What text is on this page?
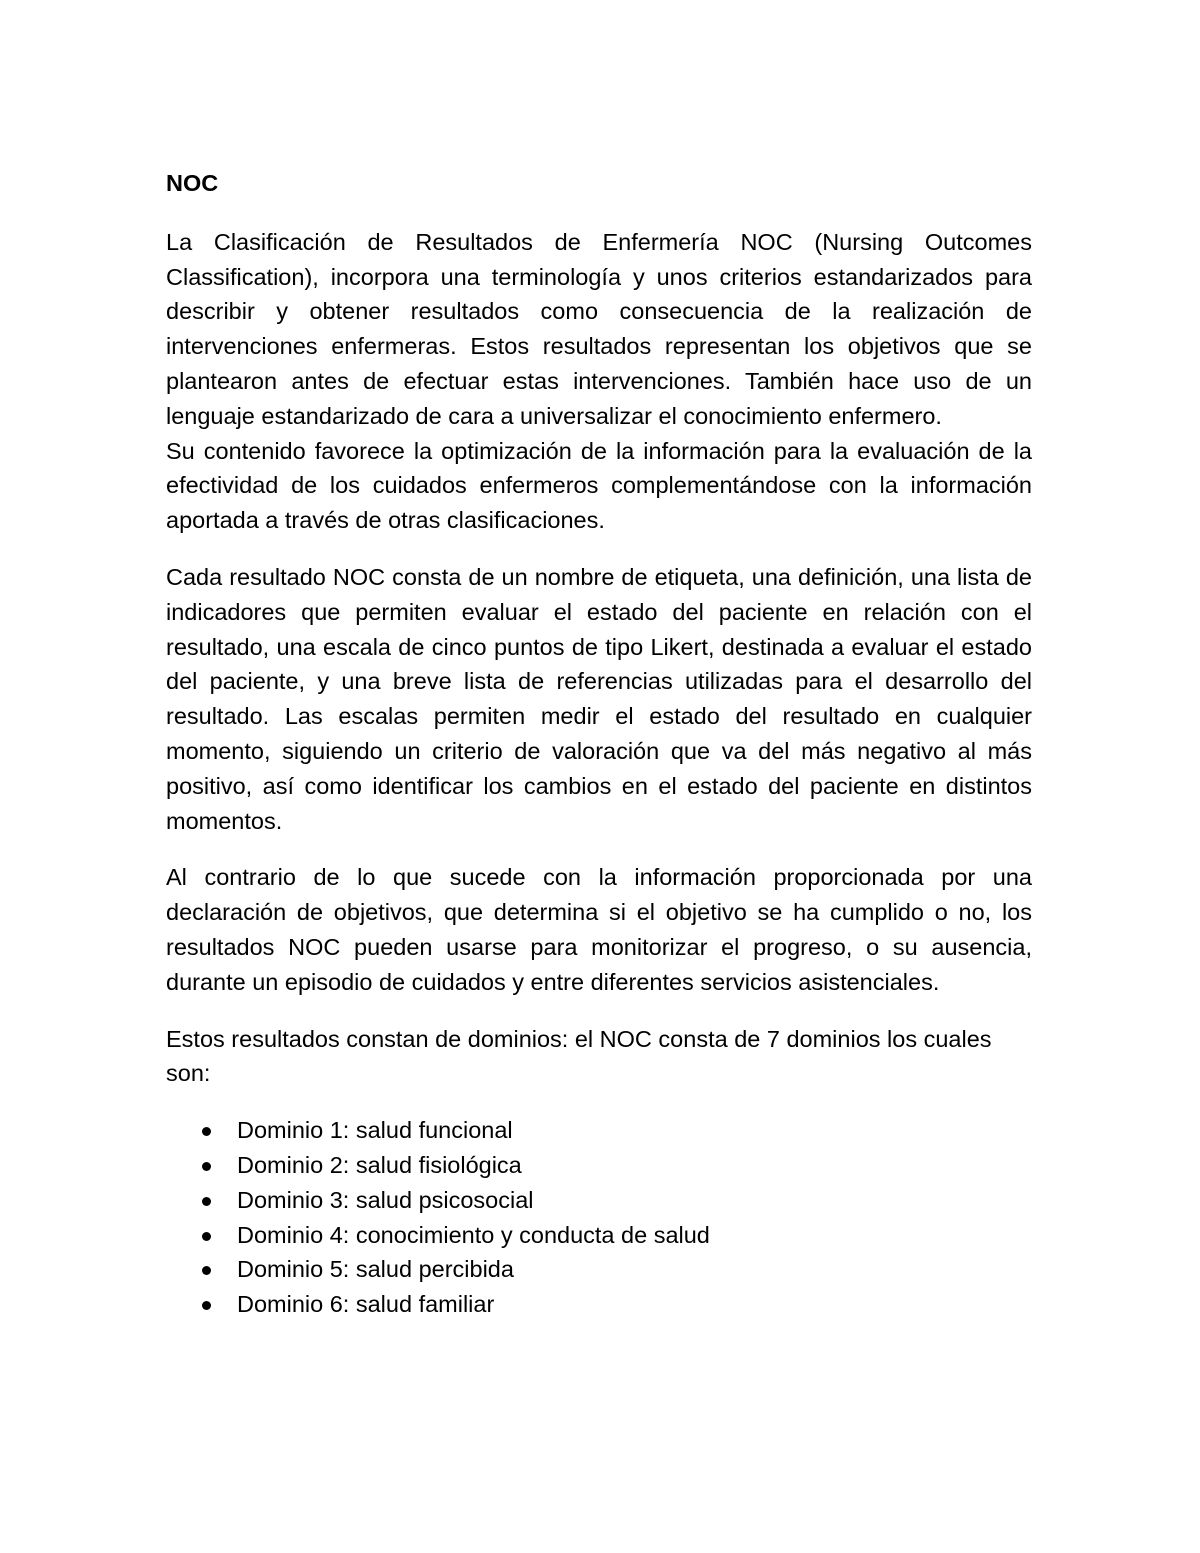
NOC

La Clasificación de Resultados de Enfermería NOC (Nursing Outcomes Classification), incorpora una terminología y unos criterios estandarizados para describir y obtener resultados como consecuencia de la realización de intervenciones enfermeras. Estos resultados representan los objetivos que se plantearon antes de efectuar estas intervenciones. También hace uso de un lenguaje estandarizado de cara a universalizar el conocimiento enfermero.

Su contenido favorece la optimización de la información para la evaluación de la efectividad de los cuidados enfermeros complementándose con la información aportada a través de otras clasificaciones.

Cada resultado NOC consta de un nombre de etiqueta, una definición, una lista de indicadores que permiten evaluar el estado del paciente en relación con el resultado, una escala de cinco puntos de tipo Likert, destinada a evaluar el estado del paciente, y una breve lista de referencias utilizadas para el desarrollo del resultado. Las escalas permiten medir el estado del resultado en cualquier momento, siguiendo un criterio de valoración que va del más negativo al más positivo, así como identificar los cambios en el estado del paciente en distintos momentos.

Al contrario de lo que sucede con la información proporcionada por una declaración de objetivos, que determina si el objetivo se ha cumplido o no, los resultados NOC pueden usarse para monitorizar el progreso, o su ausencia, durante un episodio de cuidados y entre diferentes servicios asistenciales.

Estos resultados constan de dominios: el NOC consta de 7 dominios los cuales son:

Dominio 1: salud funcional
Dominio 2: salud fisiológica
Dominio 3: salud psicosocial
Dominio 4: conocimiento y conducta de salud
Dominio 5: salud percibida
Dominio 6: salud familiar
